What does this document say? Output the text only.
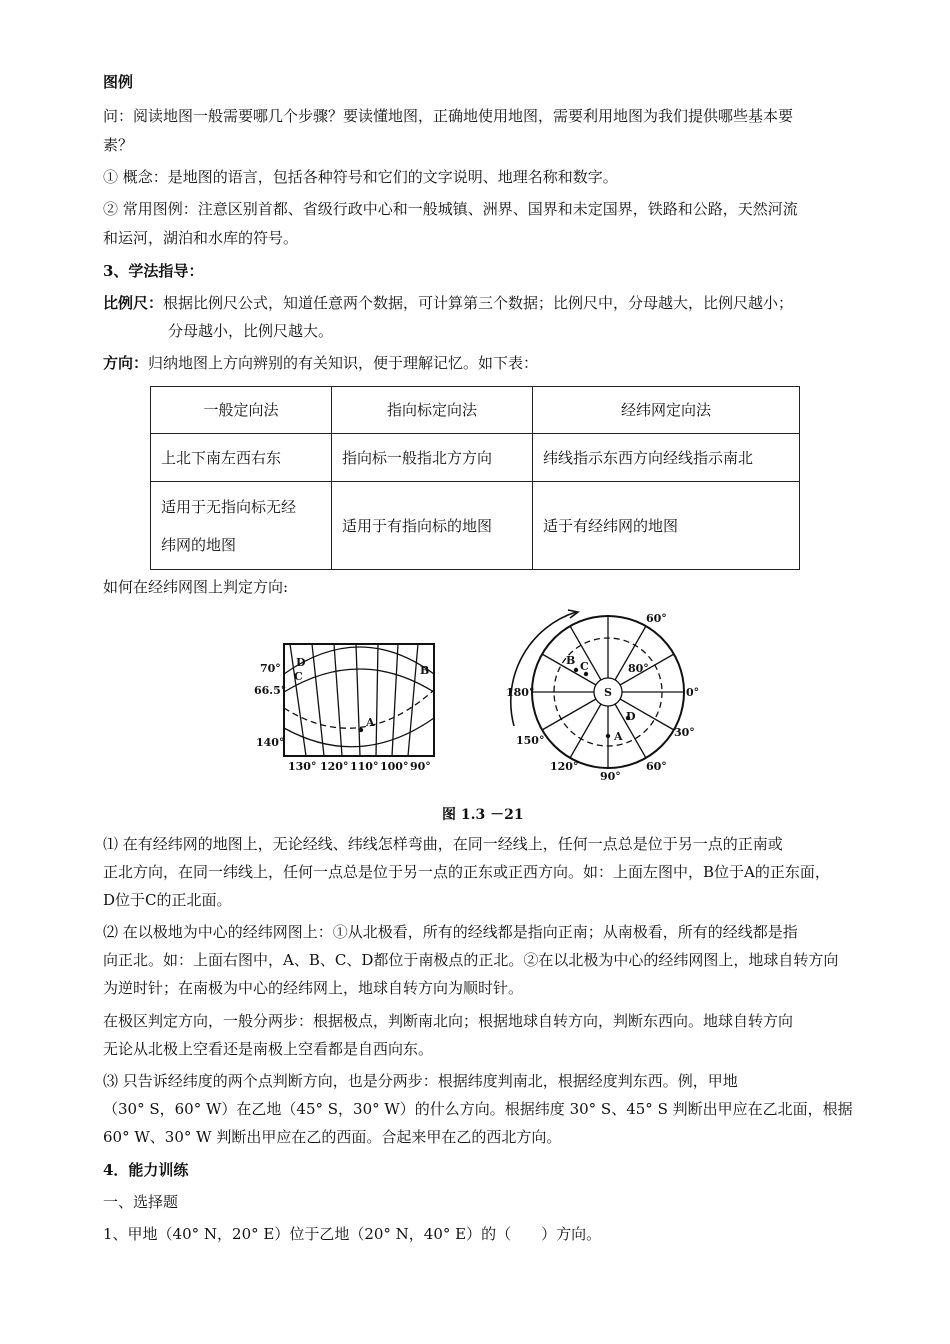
图例
问：阅读地图一般需要哪几个步骤？要读懂地图，正确地使用地图，需要利用地图为我们提供哪些基本要
素？
① 概念：是地图的语言，包括各种符号和它们的文字说明、地理名称和数字。
② 常用图例：注意区别首都、省级行政中心和一般城镇、洲界、国界和未定国界，铁路和公路，天然河流
和运河，湖泊和水库的符号。
3、学法指导：
比例尺：根据比例尺公式，知道任意两个数据，可计算第三个数据；比例尺中，分母越大，比例尺越小；
分母越小，比例尺越大。
方向：归纳地图上方向辨别的有关知识，便于理解记忆。如下表：
一般定向法	指向标定向法	经纬网定向法
上北下南左西右东	指向标一般指北方方向	纬线指示东西方向经线指示南北

适用于无指向标无经
纬网的地图	适用于有指向标的地图	适于有经纬网的地图
如何在经纬网图上判定方向:
70°
66.5°
140°
130° 120° 110° 100° 90°
D
C	B
A
60°
80°
0°
30°
60°
90°
120°
150°
180°
B C
S
D
A
图 1.3 －21
⑴ 在有经纬网的地图上，无论经线、纬线怎样弯曲，在同一经线上，任何一点总是位于另一点的正南或
正北方向，在同一纬线上，任何一点总是位于另一点的正东或正西方向。如：上面左图中，B位于A的正东面，
D位于C的正北面。
⑵ 在以极地为中心的经纬网图上：①从北极看，所有的经线都是指向正南；从南极看，所有的经线都是指
向正北。如：上面右图中，A、B、C、D都位于南极点的正北。②在以北极为中心的经纬网图上，地球自转方向
为逆时针；在南极为中心的经纬网上，地球自转方向为顺时针。
在极区判定方向，一般分两步：根据极点，判断南北向；根据地球自转方向，判断东西向。地球自转方向
无论从北极上空看还是南极上空看都是自西向东。
⑶ 只告诉经纬度的两个点判断方向，也是分两步：根据纬度判南北，根据经度判东西。例，甲地
（30° S，60° W）在乙地（45° S，30° W）的什么方向。根据纬度 30° S、45° S 判断出甲应在乙北面，根据
60° W、30° W 判断出甲应在乙的西面。合起来甲在乙的西北方向。
4．能力训练
一、选择题
1、甲地（40° N，20° E）位于乙地（20° N，40° E）的（　　）方向。
